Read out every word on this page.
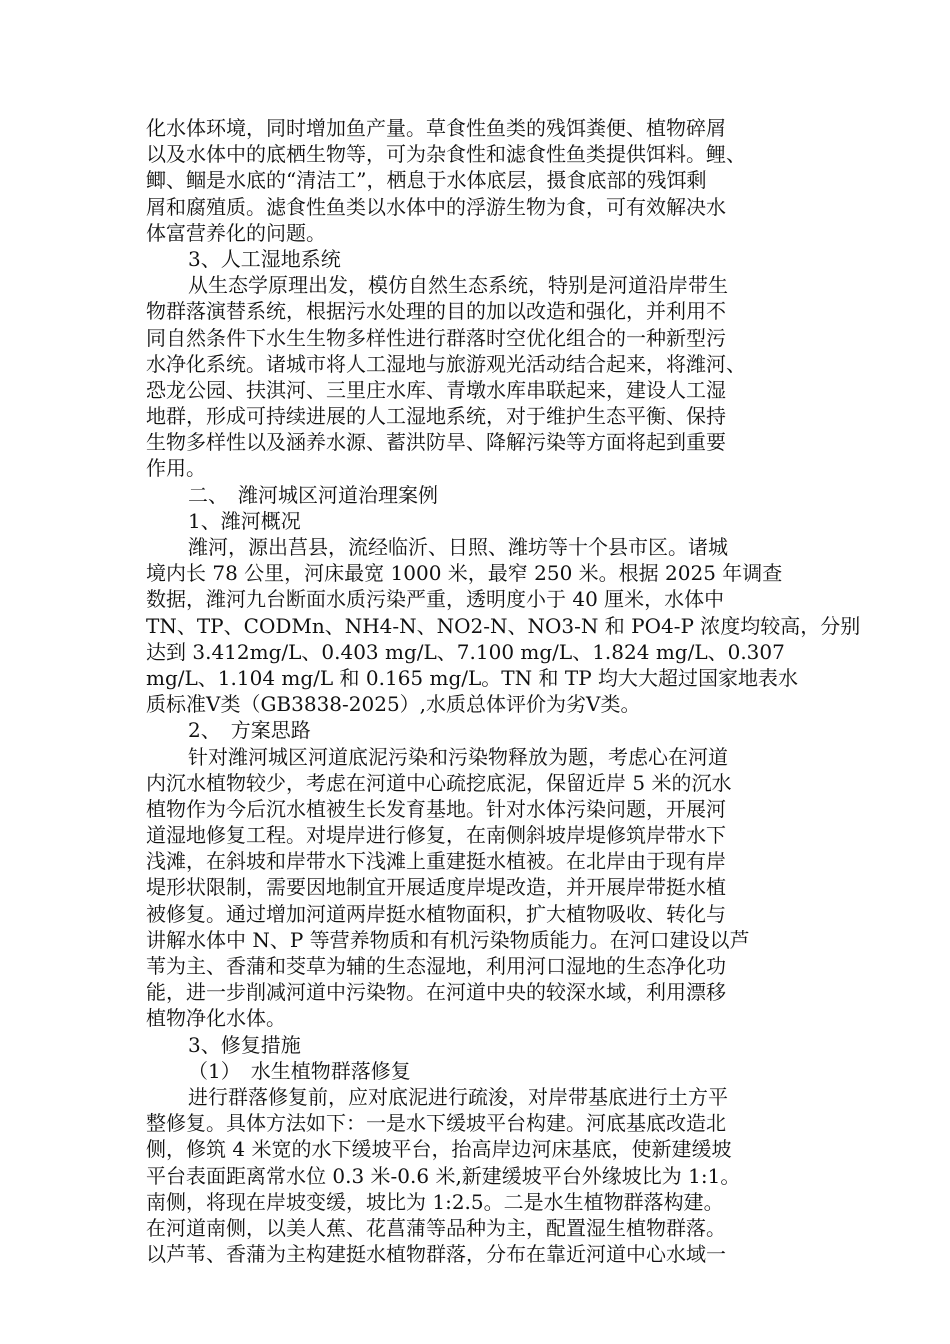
化水体环境，同时增加鱼产量。草食性鱼类的残饵粪便、植物碎屑
以及水体中的底栖生物等，可为杂食性和滤食性鱼类提供饵料。鲤、
鲫、鲴是水底的“清洁工”，栖息于水体底层，摄食底部的残饵剩
屑和腐殖质。滤食性鱼类以水体中的浮游生物为食，可有效解决水
体富营养化的问题。
3、人工湿地系统
从生态学原理出发，模仿自然生态系统，特别是河道沿岸带生
物群落演替系统，根据污水处理的目的加以改造和强化，并利用不
同自然条件下水生生物多样性进行群落时空优化组合的一种新型污
水净化系统。诸城市将人工湿地与旅游观光活动结合起来，将潍河、
恐龙公园、扶淇河、三里庄水库、青墩水库串联起来，建设人工湿
地群，形成可持续进展的人工湿地系统，对于维护生态平衡、保持
生物多样性以及涵养水源、蓄洪防旱、降解污染等方面将起到重要
作用。
二、　潍河城区河道治理案例
1、潍河概况
潍河，源出莒县，流经临沂、日照、潍坊等十个县市区。诸城
境内长 78 公里，河床最宽 1000 米，最窄 250 米。根据 2025 年调查
数据，潍河九台断面水质污染严重，透明度小于 40 厘米，水体中
TN、TP、CODMn、NH4-N、NO2-N、NO3-N 和 PO4-P 浓度均较高，分别
达到 3.412mg/L、0.403 mg/L、7.100 mg/L、1.824 mg/L、0.307
mg/L、1.104 mg/L 和 0.165 mg/L。TN 和 TP 均大大超过国家地表水
质标准Ⅴ类（GB3838-2025）,水质总体评价为劣Ⅴ类。
2、　方案思路
针对潍河城区河道底泥污染和污染物释放为题，考虑心在河道
内沉水植物较少，考虑在河道中心疏挖底泥，保留近岸 5 米的沉水
植物作为今后沉水植被生长发育基地。针对水体污染问题，开展河
道湿地修复工程。对堤岸进行修复，在南侧斜坡岸堤修筑岸带水下
浅滩，在斜坡和岸带水下浅滩上重建挺水植被。在北岸由于现有岸
堤形状限制，需要因地制宜开展适度岸堤改造，并开展岸带挺水植
被修复。通过增加河道两岸挺水植物面积，扩大植物吸收、转化与
讲解水体中 N、P 等营养物质和有机污染物质能力。在河口建设以芦
苇为主、香蒲和茭草为辅的生态湿地，利用河口湿地的生态净化功
能，进一步削减河道中污染物。在河道中央的较深水域，利用漂移
植物净化水体。
3、修复措施
（1）　水生植物群落修复
进行群落修复前，应对底泥进行疏浚，对岸带基底进行土方平
整修复。具体方法如下：一是水下缓坡平台构建。河底基底改造北
侧，修筑 4 米宽的水下缓坡平台，抬高岸边河床基底，使新建缓坡
平台表面距离常水位 0.3 米-0.6 米,新建缓坡平台外缘坡比为 1:1。
南侧，将现在岸坡变缓，坡比为 1:2.5。二是水生植物群落构建。
在河道南侧，以美人蕉、花菖蒲等品种为主，配置湿生植物群落。
以芦苇、香蒲为主构建挺水植物群落，分布在靠近河道中心水域一
